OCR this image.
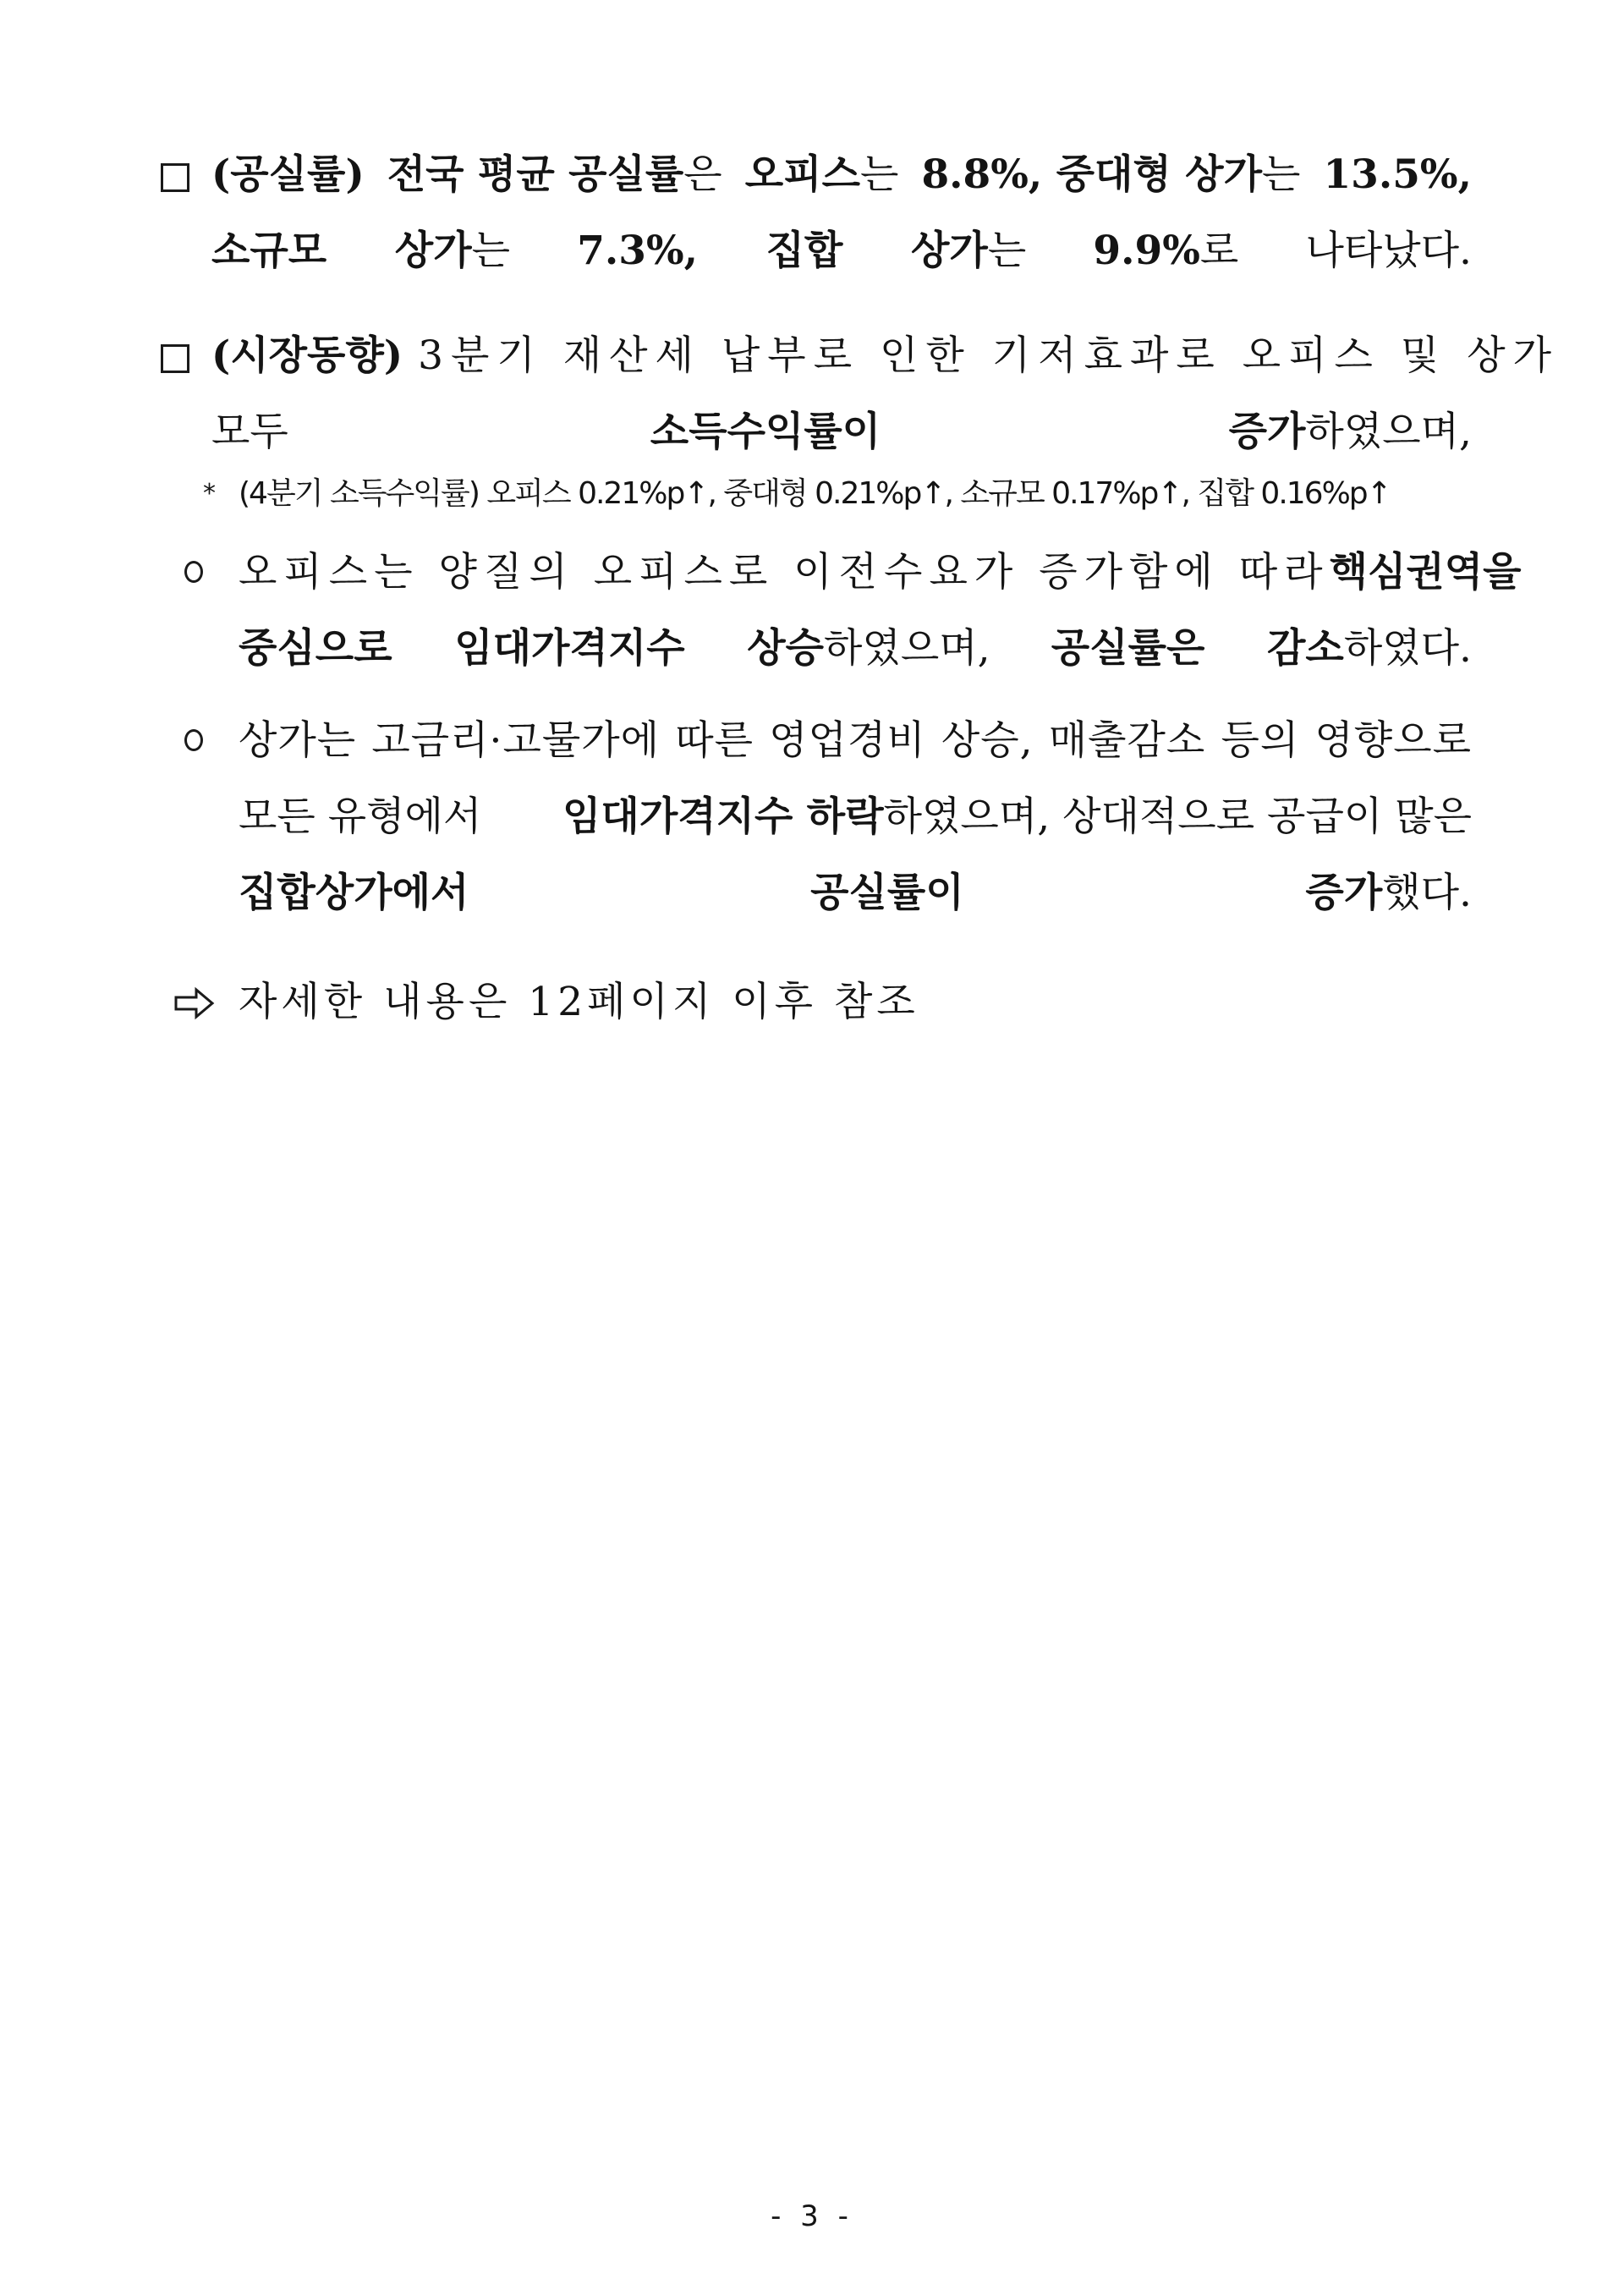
(공실률) 전국 평균 공실률은 오피스는 8.8%, 중대형 상가는 13.5%,
소규모 상가는 7.3%, 집합 상가는 9.9%로 나타났다.
(시장동향) 3분기 재산세 납부로 인한 기저효과로 오피스 및 상가
모두	소득수익률이 증가하였으며,
* (4분기 소득수익률) 오피스 0.21%p↑, 중대형 0.21%p↑, 소규모 0.17%p↑, 집합 0.16%p↑
오피스는 양질의 오피스로 이전수요가 증가함에 따라 핵심권역을
중심으로 임대가격지수 상승하였으며, 공실률은 감소하였다.
상가는 고금리·고물가에 따른 영업경비 상승, 매출감소 등의 영향으로
모든 유형에서 임대가격지수 하락하였으며, 상대적으로 공급이 많은
집합상가에서 공실률이 증가했다.
자세한 내용은 12페이지 이후 참조
- 3 -
